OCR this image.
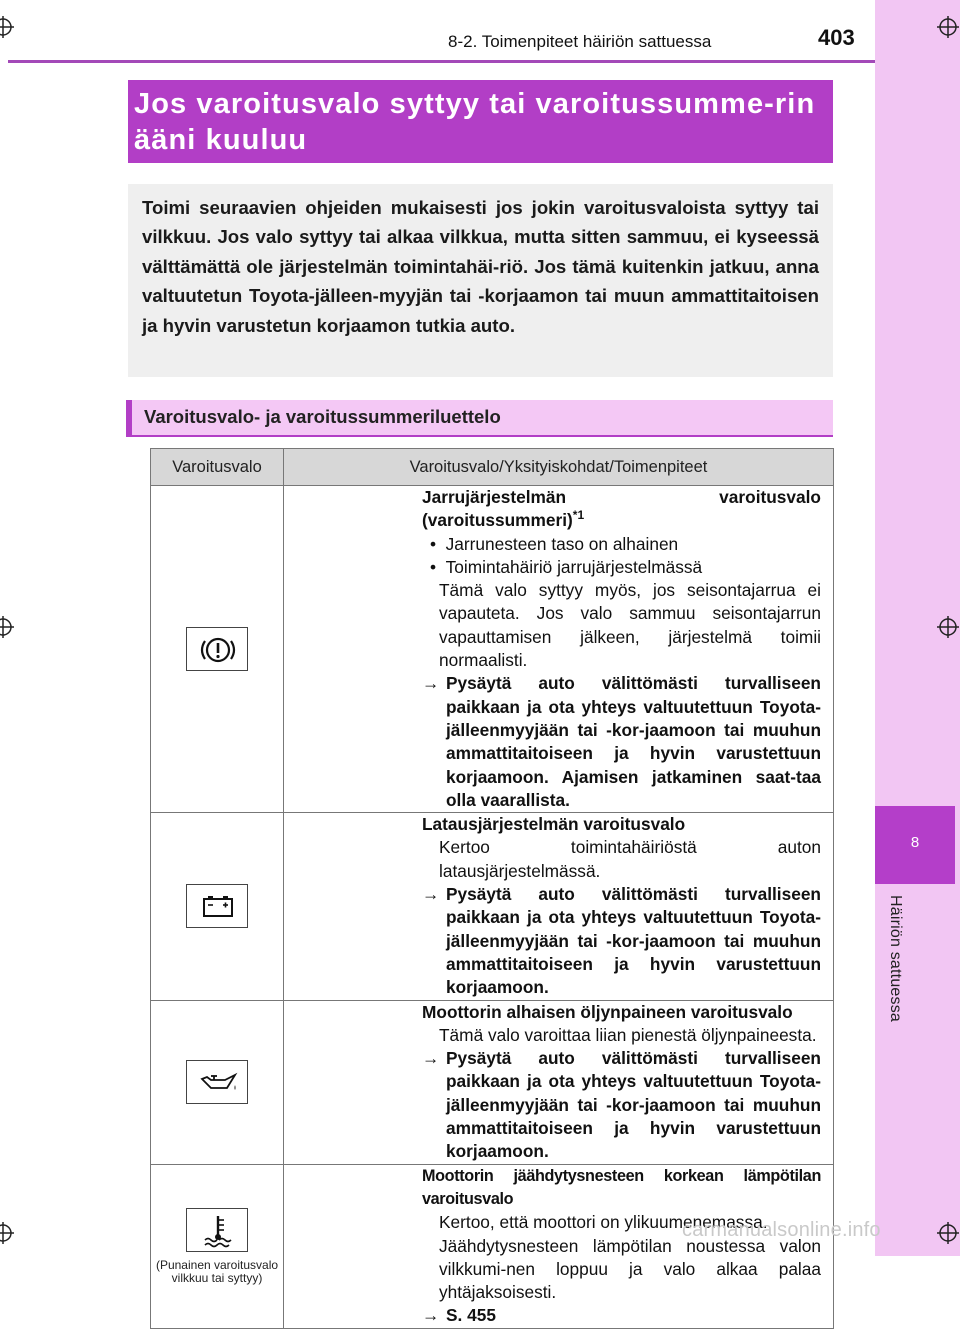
8
Häiriön sattuessa
8-2. Toimenpiteet häiriön sattuessa	403
Jos varoitusvalo syttyy tai varoitussumme-rin ääni kuuluu

Toimi seuraavien ohjeiden mukaisesti jos jokin varoitusvaloista syttyy tai vilkkuu. Jos valo syttyy tai alkaa vilkkua, mutta sitten sammuu, ei kyseessä välttämättä ole järjestelmän toimintahäi-riö. Jos tämä kuitenkin jatkuu, anna valtuutetun Toyota-jälleen-myyjän tai -korjaamon tai muun ammattitaitoisen ja hyvin varustetun korjaamon tutkia auto.

Varoitusvalo- ja varoitussummeriluettelo
Varoitusvalo	Varoitusvalo/Yksityiskohdat/Toimenpiteet

Jarrujärjestelmän varoitusvalo (varoitussummeri)$^{*1}$
•  Jarrunesteen taso on alhainen
•  Toimintahäiriö jarrujärjestelmässä
Tämä valo syttyy myös, jos seisontajarrua ei vapauteta. Jos valo sammuu seisontajarrun vapauttamisen jälkeen, järjestelmä toimii normaalisti.
→ Pysäytä auto välittömästi turvalliseen paikkaan ja ota yhteys valtuutettuun Toyota-jälleenmyyjään tai -kor-jaamoon tai muuhun ammattitaitoiseen ja hyvin varustettuun korjaamoon. Ajamisen jatkaminen saat-taa olla vaarallista.

Latausjärjestelmän varoitusvalo
Kertoo toimintahäiriöstä auton latausjärjestelmässä.
→ Pysäytä auto välittömästi turvalliseen paikkaan ja ota yhteys valtuutettuun Toyota-jälleenmyyjään tai -kor-jaamoon tai muuhun ammattitaitoiseen ja hyvin varustettuun korjaamoon.

Moottorin alhaisen öljynpaineen varoitusvalo
Tämä valo varoittaa liian pienestä öljynpaineesta.
→ Pysäytä auto välittömästi turvalliseen paikkaan ja ota yhteys valtuutettuun Toyota-jälleenmyyjään tai -kor-jaamoon tai muuhun ammattitaitoiseen ja hyvin varustettuun korjaamoon.

(Punainen varoitusvalo vilkkuu tai syttyy)	Moottorin jäähdytysnesteen korkean lämpötilan varoitusvalo
Kertoo, että moottori on ylikuumenemassa.
Jäähdytysnesteen lämpötilan noustessa valon vilkkumi-nen loppuu ja valo alkaa palaa yhtäjaksoisesti.
→ S. 455
carmanualsonline.info
